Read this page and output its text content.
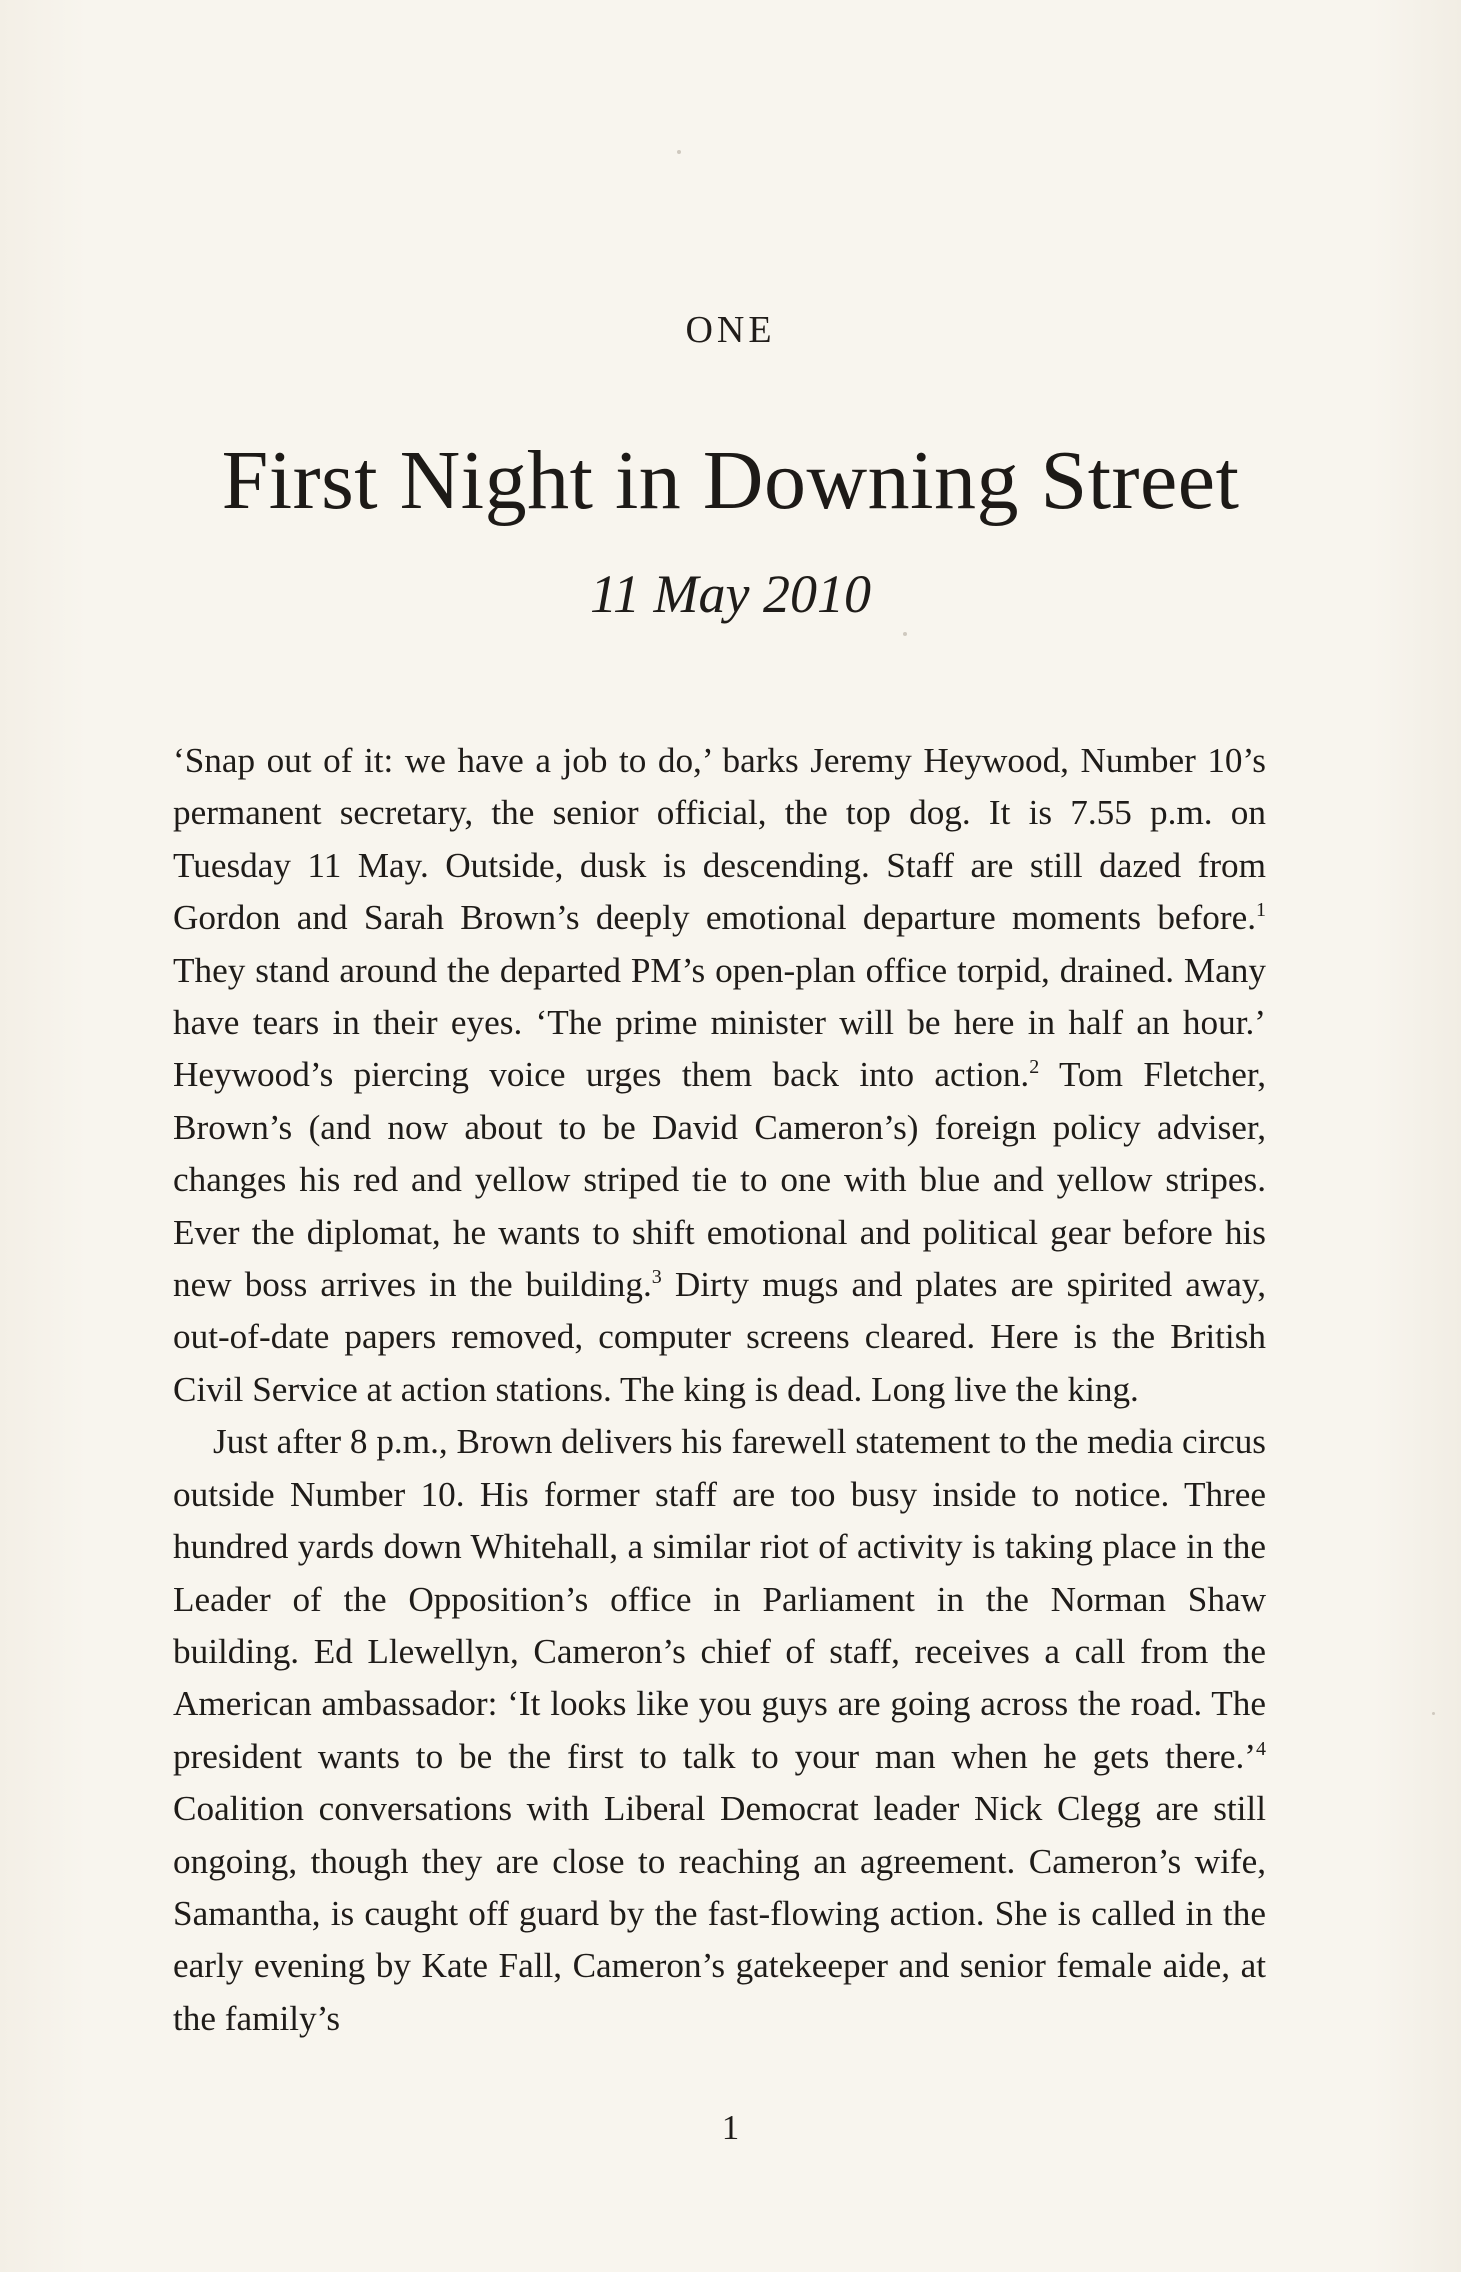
ONE
First Night in Downing Street
11 May 2010

‘Snap out of it: we have a job to do,’ barks Jeremy Heywood, Number 10’s permanent secretary, the senior official, the top dog. It is 7.55 p.m. on Tuesday 11 May. Outside, dusk is descending. Staff are still dazed from Gordon and Sarah Brown’s deeply emotional departure moments before.$^1$ They stand around the departed PM’s open-plan office torpid, drained. Many have tears in their eyes. ‘The prime minister will be here in half an hour.’ Heywood’s piercing voice urges them back into action.$^2$ Tom Fletcher, Brown’s (and now about to be David Cameron’s) foreign policy adviser, changes his red and yellow striped tie to one with blue and yellow stripes. Ever the diplomat, he wants to shift emotional and political gear before his new boss arrives in the building.$^3$ Dirty mugs and plates are spirited away, out-of-date papers removed, computer screens cleared. Here is the British Civil Service at action stations. The king is dead. Long live the king.

Just after 8 p.m., Brown delivers his farewell statement to the media circus outside Number 10. His former staff are too busy inside to notice. Three hundred yards down Whitehall, a similar riot of activity is taking place in the Leader of the Opposition’s office in Parliament in the Norman Shaw building. Ed Llewellyn, Cameron’s chief of staff, receives a call from the American ambassador: ‘It looks like you guys are going across the road. The president wants to be the first to talk to your man when he gets there.’$^4$ Coalition conversations with Liberal Democrat leader Nick Clegg are still ongoing, though they are close to reaching an agreement. Cameron’s wife, Samantha, is caught off guard by the fast-flowing action. She is called in the early evening by Kate Fall, Cameron’s gatekeeper and senior female aide, at the family’s

1
